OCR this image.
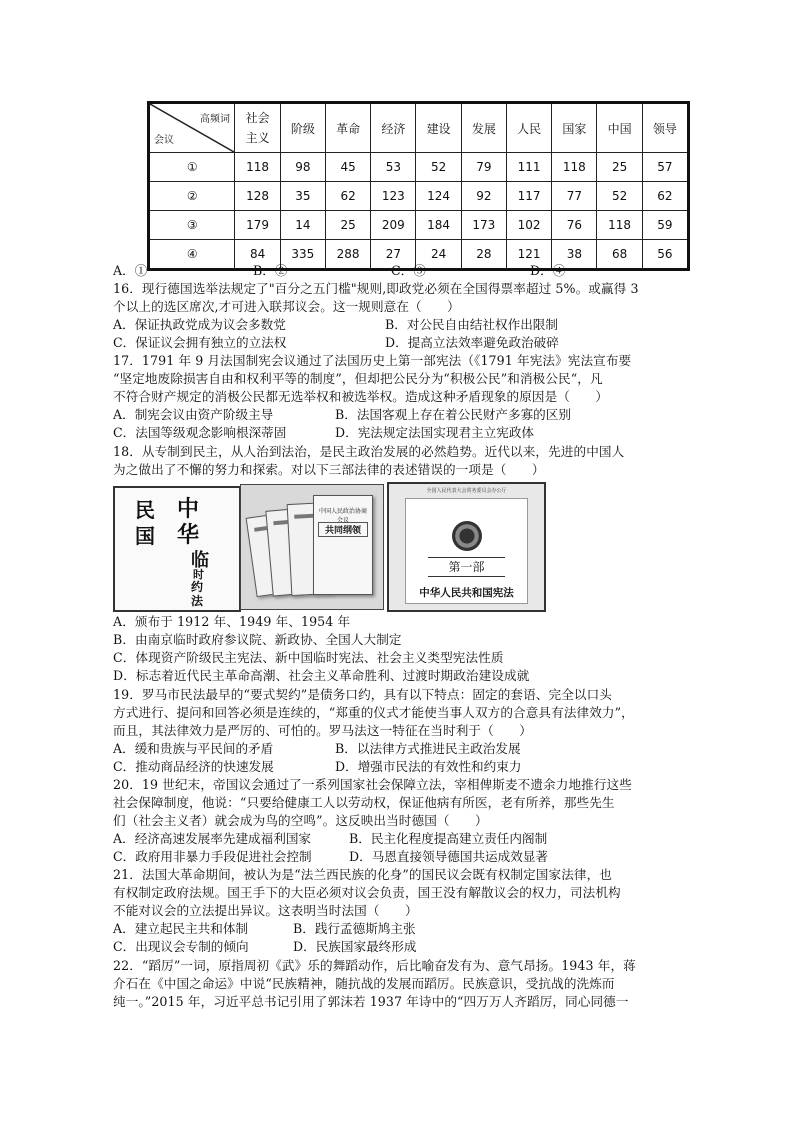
高频词
会议	社会主义	阶级	革命	经济	建设	发展	人民	国家	中国	领导
①	118	98	45	53	52	79	111	118	25	57
②	128	35	62	123	124	92	117	77	52	62
③	179	14	25	209	184	173	102	76	118	59
④	84	335	288	27	24	28	121	38	68	56
A．①	B．②	C．③	D．④
16．现行德国选举法规定了"百分之五门槛"规则,即政党必须在全国得票率超过 5%。或赢得 3
个以上的选区席次,才可进入联邦议会。这一规则意在（　　）
A．保证执政党成为议会多数党	B．对公民自由结社权作出限制
C．保证议会拥有独立的立法权	D．提高立法效率避免政治破碎
17．1791 年 9 月法国制宪会议通过了法国历史上第一部宪法（《1791 年宪法》宪法宣布要
“坚定地废除损害自由和权利平等的制度”，但却把公民分为“积极公民”和消极公民“，凡
不符合财产规定的消极公民都无选举权和被选举权。造成这种矛盾现象的原因是（　　）
A．制宪会议由资产阶级主导	B．法国客观上存在着公民财产多寡的区别
C．法国等级观念影响根深蒂固	D．宪法规定法国实现君主立宪政体
18．从专制到民主，从人治到法治，是民主政治发展的必然趋势。近代以来，先进的中国人
为之做出了不懈的努力和探索。对以下三部法律的表述错误的一项是（　　）
中
华
民
国
临
时
约
法
中国人民政治协商会议
共同纲领
全国人民代表大会常务委员会办公厅
第一部
中华人民共和国宪法
A．颁布于 1912 年、1949 年、1954 年
B．由南京临时政府参议院、新政协、全国人大制定
C．体现资产阶级民主宪法、新中国临时宪法、社会主义类型宪法性质
D．标志着近代民主革命高潮、社会主义革命胜利、过渡时期政治建设成就
19．罗马市民法最早的“要式契约”是债务口约，具有以下特点：固定的套语、完全以口头
方式进行、提问和回答必须是连续的，“郑重的仪式才能使当事人双方的合意具有法律效力”，
而且，其法律效力是严厉的、可怕的。罗马法这一特征在当时利于（　　）
A．缓和贵族与平民间的矛盾	B．以法律方式推进民主政治发展
C．推动商品经济的快速发展	D．增强市民法的有效性和约束力
20．19 世纪末，帝国议会通过了一系列国家社会保障立法，宰相俾斯麦不遗余力地推行这些
社会保障制度，他说：“只要给健康工人以劳动权，保证他病有所医，老有所养，那些先生
们（社会主义者）就会成为鸟的空鸣”。这反映出当时德国（　　）
A．经济高速发展率先建成福利国家	B．民主化程度提高建立责任内阁制
C．政府用非暴力手段促进社会控制	D．马恩直接领导德国共运成效显著
21．法国大革命期间，被认为是“法兰西民族的化身”的国民议会既有权制定国家法律，也
有权制定政府法规。国王手下的大臣必须对议会负责，国王没有解散议会的权力，司法机构
不能对议会的立法提出异议。这表明当时法国（　　）
A．建立起民主共和体制	B．践行孟德斯鸠主张
C．出现议会专制的倾向	D．民族国家最终形成
22．“蹈厉”一词，原指周初《武》乐的舞蹈动作，后比喻奋发有为、意气昂扬。1943 年，蒋
介石在《中国之命运》中说“民族精神，随抗战的发展而蹈厉。民族意识，受抗战的洗炼而
纯一。”2015 年，习近平总书记引用了郭沫若 1937 年诗中的“四万万人齐蹈厉，同心同德一
